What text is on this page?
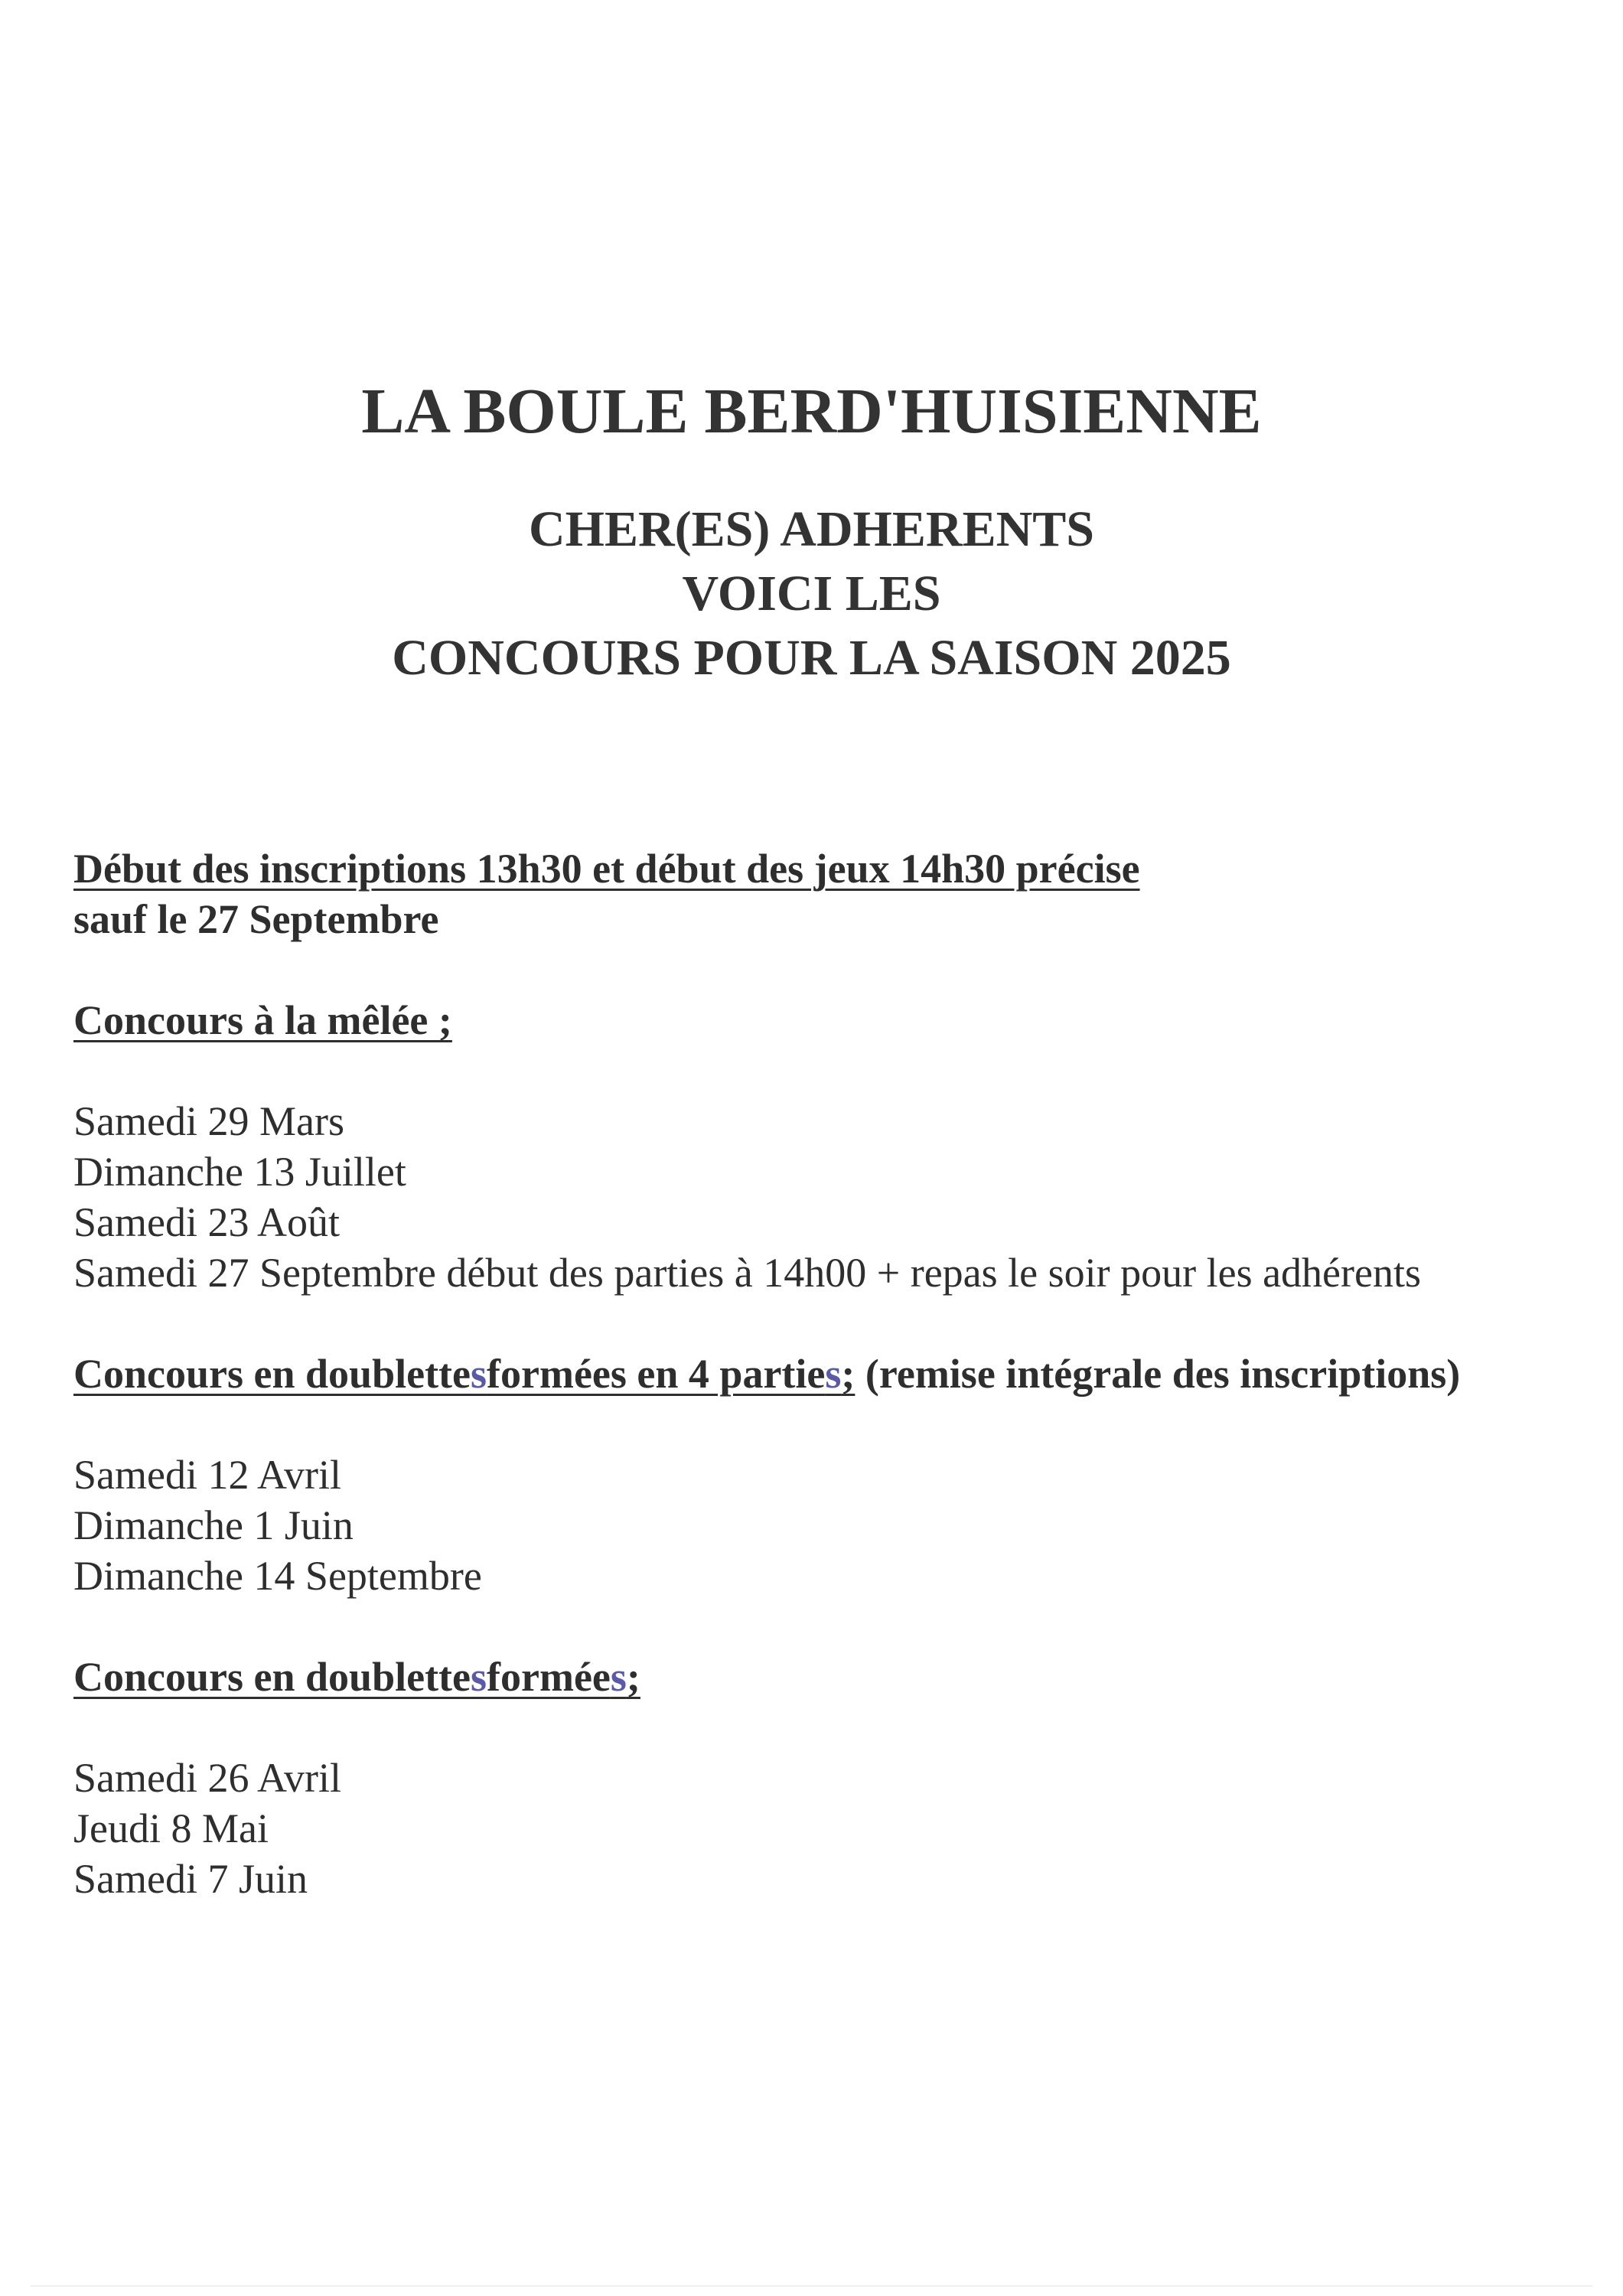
LA BOULE BERD'HUISIENNE
CHER(ES) ADHERENTS
VOICI LES
CONCOURS POUR LA SAISON 2025
Début des inscriptions 13h30 et début des jeux 14h30 précise
sauf le 27 Septembre
Concours à la mêlée ;
Samedi 29 Mars
Dimanche 13 Juillet
Samedi 23 Août
Samedi 27 Septembre début des parties à 14h00 + repas le soir pour les adhérents
Concours en doublettesformées en 4 parties; (remise intégrale des inscriptions)
Samedi 12 Avril
Dimanche 1 Juin
Dimanche 14 Septembre
Concours en doublettesformées;
Samedi 26 Avril
Jeudi 8 Mai
Samedi 7 Juin
